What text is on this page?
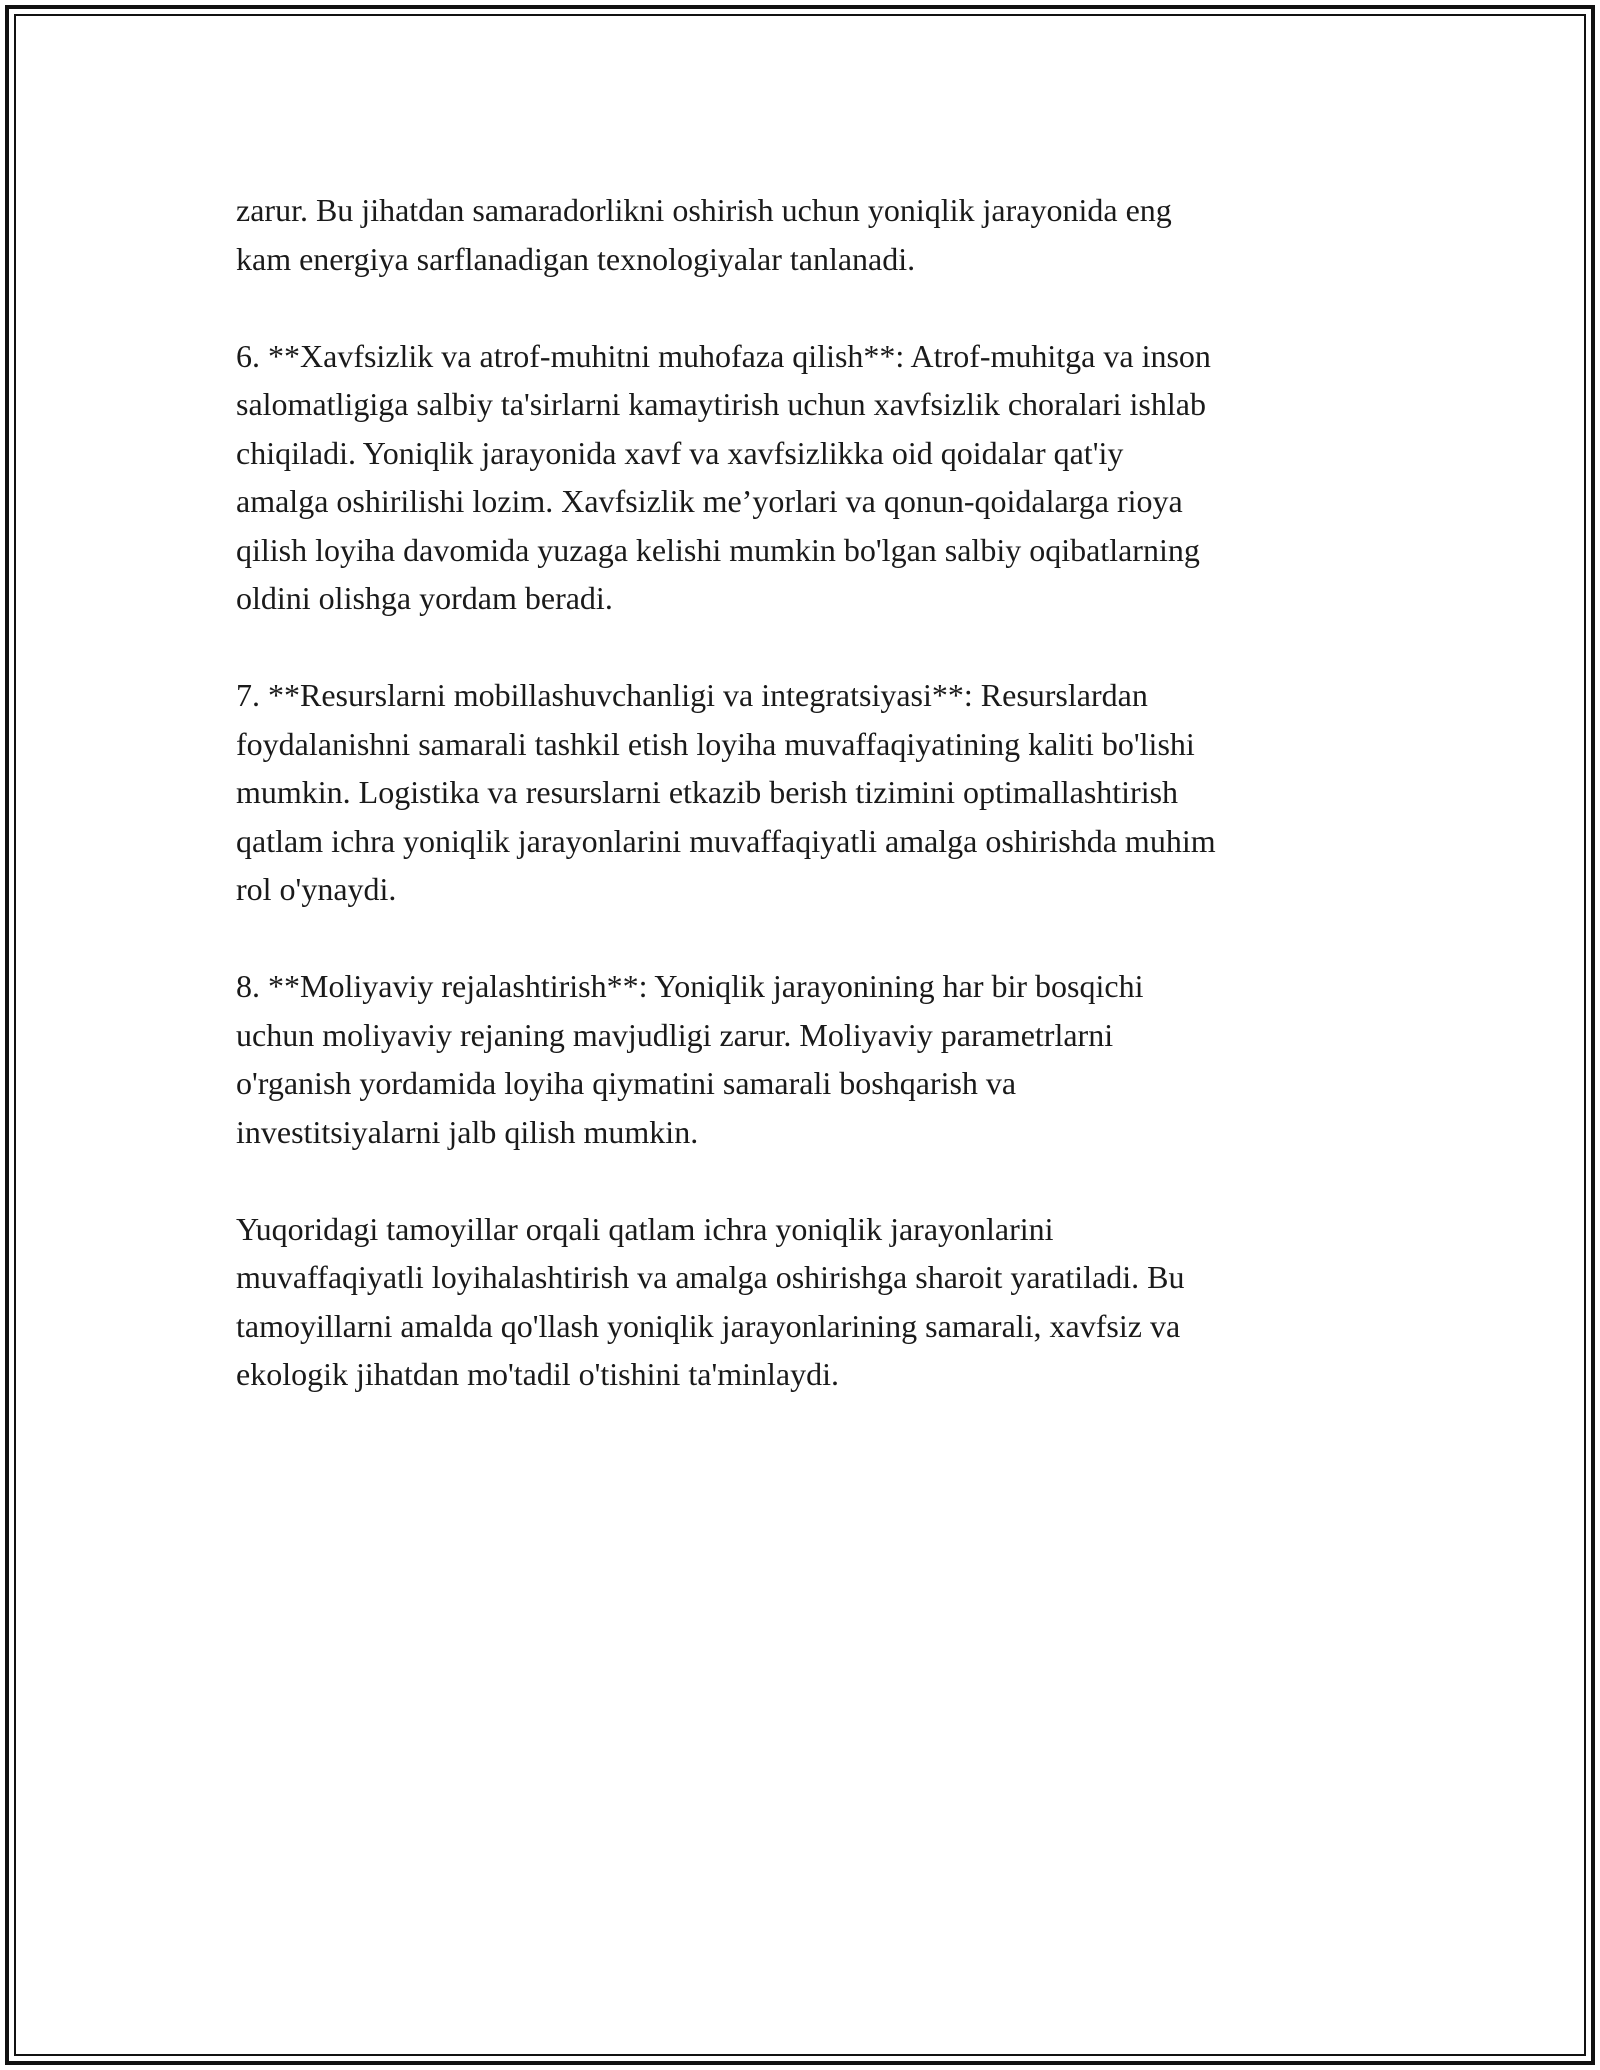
zarur. Bu jihatdan samaradorlikni oshirish uchun yoniqlik jarayonida eng
kam energiya sarflanadigan texnologiyalar tanlanadi.

6. **Xavfsizlik va atrof-muhitni muhofaza qilish**: Atrof-muhitga va inson
salomatligiga salbiy ta'sirlarni kamaytirish uchun xavfsizlik choralari ishlab
chiqiladi. Yoniqlik jarayonida xavf va xavfsizlikka oid qoidalar qat'iy
amalga oshirilishi lozim. Xavfsizlik me’yorlari va qonun-qoidalarga rioya
qilish loyiha davomida yuzaga kelishi mumkin bo'lgan salbiy oqibatlarning
oldini olishga yordam beradi.

7. **Resurslarni mobillashuvchanligi va integratsiyasi**: Resurslardan
foydalanishni samarali tashkil etish loyiha muvaffaqiyatining kaliti bo'lishi
mumkin. Logistika va resurslarni etkazib berish tizimini optimallashtirish
qatlam ichra yoniqlik jarayonlarini muvaffaqiyatli amalga oshirishda muhim
rol o'ynaydi.

8. **Moliyaviy rejalashtirish**: Yoniqlik jarayonining har bir bosqichi
uchun moliyaviy rejaning mavjudligi zarur. Moliyaviy parametrlarni
o'rganish yordamida loyiha qiymatini samarali boshqarish va
investitsiyalarni jalb qilish mumkin.

Yuqoridagi tamoyillar orqali qatlam ichra yoniqlik jarayonlarini
muvaffaqiyatli loyihalashtirish va amalga oshirishga sharoit yaratiladi. Bu
tamoyillarni amalda qo'llash yoniqlik jarayonlarining samarali, xavfsiz va
ekologik jihatdan mo'tadil o'tishini ta'minlaydi.
